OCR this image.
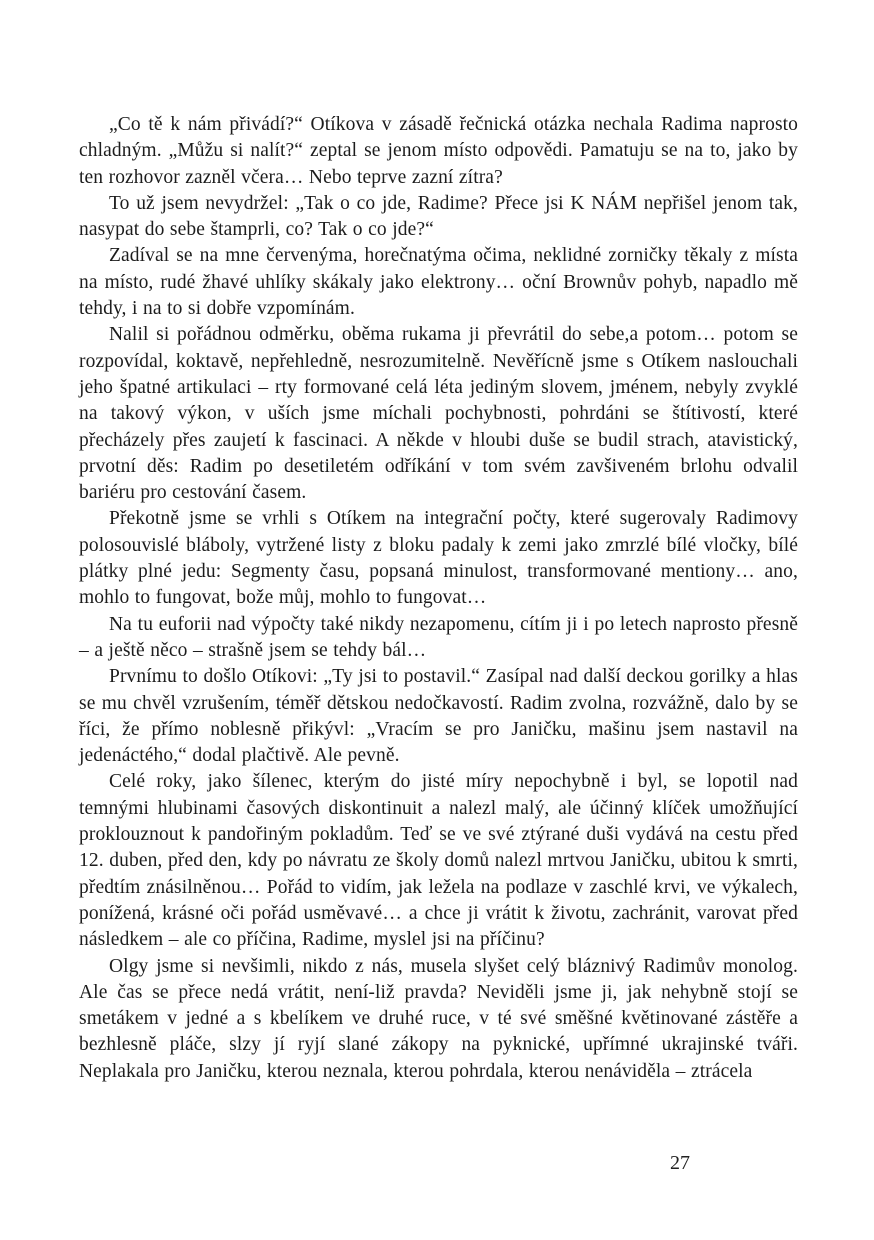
„Co tě k nám přivádí?“ Otíkova v zásadě řečnická otázka nechala Radima naprosto chladným. „Můžu si nalít?“ zeptal se jenom místo odpovědi. Pamatuju se na to, jako by ten rozhovor zazněl včera… Nebo teprve zazní zítra?

To už jsem nevydržel: „Tak o co jde, Radime? Přece jsi K NÁM nepřišel jenom tak, nasypat do sebe štamprli, co? Tak o co jde?“

Zadíval se na mne červenýma, horečnatýma očima, neklidné zorničky těkaly z místa na místo, rudé žhavé uhlíky skákaly jako elektrony… oční Brownův pohyb, napadlo mě tehdy, i na to si dobře vzpomínám.

Nalil si pořádnou odměrku, oběma rukama ji převrátil do sebe,a potom… potom se rozpovídal, koktavě, nepřehledně, nesrozumitelně. Nevěřícně jsme s Otíkem naslouchali jeho špatné artikulaci – rty formované celá léta jediným slovem, jménem, nebyly zvyklé na takový výkon, v uších jsme míchali pochybnosti, pohrdáni se štítivostí, které přecházely přes zaujetí k fascinaci. A někde v hloubi duše se budil strach, atavistický, prvotní děs: Radim po desetiletém odříkání v tom svém zavšiveném brlohu odvalil bariéru pro cestování časem.

Překotně jsme se vrhli s Otíkem na integrační počty, které sugerovaly Radimovy polosouvislé bláboly, vytržené listy z bloku padaly k zemi jako zmrzlé bílé vločky, bílé plátky plné jedu: Segmenty času, popsaná minulost, transformované mentiony… ano, mohlo to fungovat, bože můj, mohlo to fungovat…

Na tu euforii nad výpočty také nikdy nezapomenu, cítím ji i po letech naprosto přesně – a ještě něco – strašně jsem se tehdy bál…

Prvnímu to došlo Otíkovi: „Ty jsi to postavil.“ Zasípal nad další deckou gorilky a hlas se mu chvěl vzrušením, téměř dětskou nedočkavostí. Radim zvolna, rozvážně, dalo by se říci, že přímo noblesně přikývl: „Vracím se pro Janičku, mašinu jsem nastavil na jedenáctého,“ dodal plačtivě. Ale pevně.

Celé roky, jako šílenec, kterým do jisté míry nepochybně i byl, se lopotil nad temnými hlubinami časových diskontinuit a nalezl malý, ale účinný klíček umožňující proklouznout k pandořiným pokladům. Teď se ve své ztýrané duši vydává na cestu před 12. duben, před den, kdy po návratu ze školy domů nalezl mrtvou Janičku, ubitou k smrti, předtím znásilněnou… Pořád to vidím, jak ležela na podlaze v zaschlé krvi, ve výkalech, ponížená, krásné oči pořád usměvavé… a chce ji vrátit k životu, zachránit, varovat před následkem – ale co příčina, Radime, myslel jsi na příčinu?

Olgy jsme si nevšimli, nikdo z nás, musela slyšet celý bláznivý Radimův monolog. Ale čas se přece nedá vrátit, není-liž pravda? Neviděli jsme ji, jak nehybně stojí se smetákem v jedné a s kbelíkem ve druhé ruce, v té své směšné květinované zástěře a bezhlesně pláče, slzy jí ryjí slané zákopy na pyknické, upřímné ukrajinské tváři. Neplakala pro Janičku, kterou neznala, kterou pohrdala, kterou nenáviděla – ztrácela

27
